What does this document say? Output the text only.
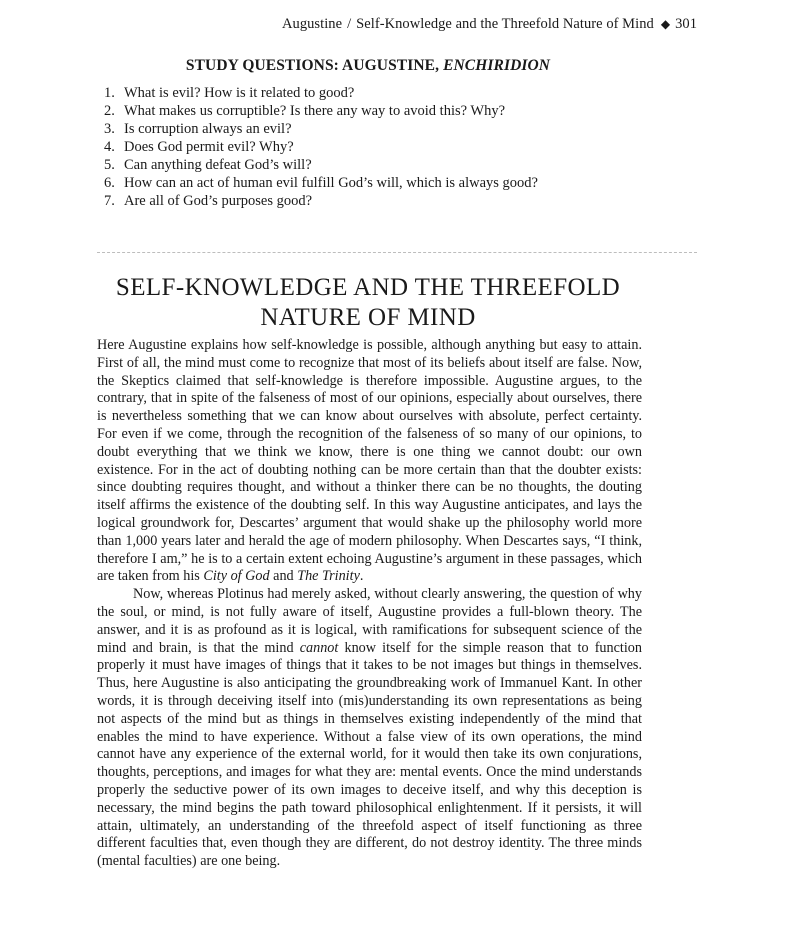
Augustine / Self-Knowledge and the Threefold Nature of Mind ◆ 301
STUDY QUESTIONS: AUGUSTINE, ENCHIRIDION
1. What is evil? How is it related to good?
2. What makes us corruptible? Is there any way to avoid this? Why?
3. Is corruption always an evil?
4. Does God permit evil? Why?
5. Can anything defeat God’s will?
6. How can an act of human evil fulfill God’s will, which is always good?
7. Are all of God’s purposes good?
SELF-KNOWLEDGE AND THE THREEFOLD
NATURE OF MIND

Here Augustine explains how self-knowledge is possible, although anything but easy to attain. First of all, the mind must come to recognize that most of its beliefs about itself are false. Now, the Skeptics claimed that self-knowledge is therefore impossible. Augustine argues, to the contrary, that in spite of the falseness of most of our opinions, especially about ourselves, there is nevertheless something that we can know about ourselves with absolute, perfect certainty. For even if we come, through the recognition of the falseness of so many of our opinions, to doubt everything that we think we know, there is one thing we cannot doubt: our own existence. For in the act of doubting nothing can be more certain than that the doubter exists: since doubting requires thought, and without a thinker there can be no thoughts, the douting itself affirms the existence of the doubting self. In this way Augustine anticipates, and lays the logical groundwork for, Descartes’ argument that would shake up the philosophy world more than 1,000 years later and herald the age of modern philosophy. When Descartes says, “I think, therefore I am,” he is to a certain extent echoing Augustine’s argument in these passages, which are taken from his City of God and The Trinity.

Now, whereas Plotinus had merely asked, without clearly answering, the question of why the soul, or mind, is not fully aware of itself, Augustine provides a full-blown theory. The answer, and it is as profound as it is logical, with ramifications for subsequent science of the mind and brain, is that the mind cannot know itself for the simple reason that to function properly it must have images of things that it takes to be not images but things in themselves. Thus, here Augustine is also anticipating the groundbreaking work of Immanuel Kant. In other words, it is through deceiving itself into (mis)understanding its own representations as being not aspects of the mind but as things in themselves existing independently of the mind that enables the mind to have experience. Without a false view of its own operations, the mind cannot have any experience of the external world, for it would then take its own conjurations, thoughts, perceptions, and images for what they are: mental events. Once the mind understands properly the seductive power of its own images to deceive itself, and why this deception is necessary, the mind begins the path toward philosophical enlightenment. If it persists, it will attain, ultimately, an understanding of the threefold aspect of itself functioning as three different faculties that, even though they are different, do not destroy identity. The three minds (mental faculties) are one being.
